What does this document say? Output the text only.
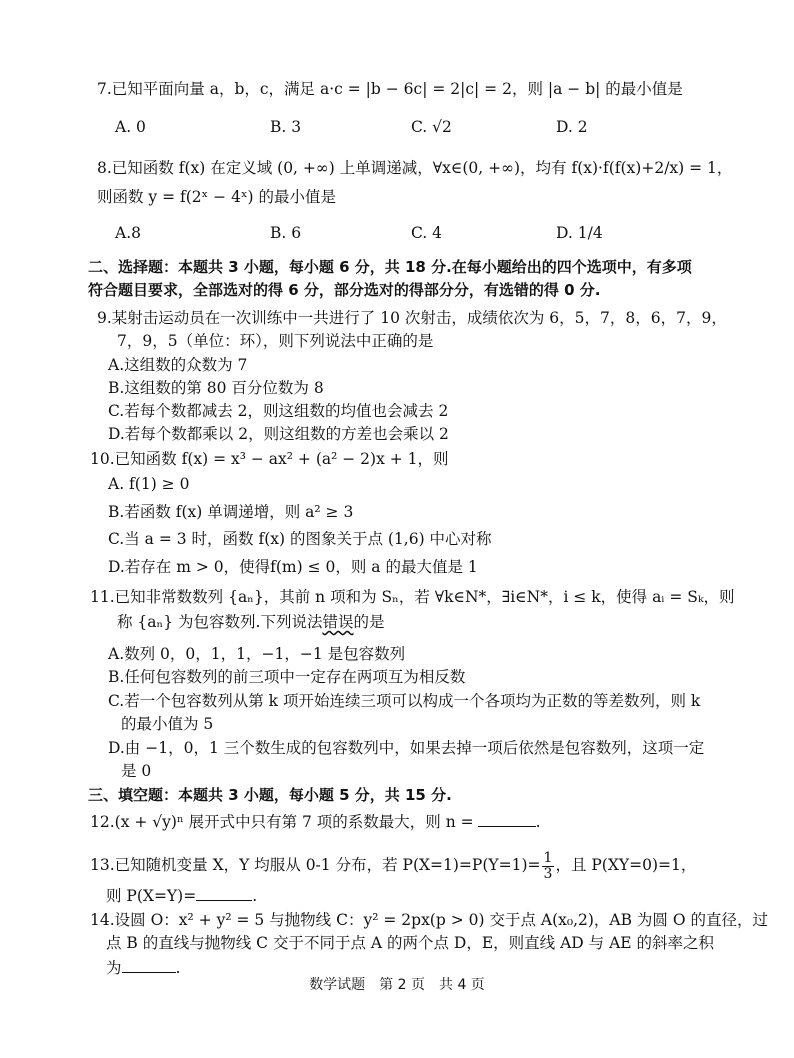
7.已知平面向量 a，b，c，满足 a·c = |b − 6c| = 2|c| = 2，则 |a − b| 的最小值是
A. 0	B. 3	C. √2	D. 2
8.已知函数 f(x) 在定义域 (0, +∞) 上单调递减，∀x∈(0, +∞)，均有 f(x)·f(f(x)+2/x) = 1，
则函数 y = f(2ˣ − 4ˣ) 的最小值是
A.8	B. 6	C. 4	D. 1/4
二、选择题：本题共 3 小题，每小题 6 分，共 18 分.在每小题给出的四个选项中，有多项
符合题目要求，全部选对的得 6 分，部分选对的得部分分，有选错的得 0 分.
9.某射击运动员在一次训练中一共进行了 10 次射击，成绩依次为 6，5，7，8，6，7，9，
7，9，5（单位：环），则下列说法中正确的是
A.这组数的众数为 7
B.这组数的第 80 百分位数为 8
C.若每个数都减去 2，则这组数的均值也会减去 2
D.若每个数都乘以 2，则这组数的方差也会乘以 2
10.已知函数 f(x) = x³ − ax² + (a² − 2)x + 1，则
A. f(1) ≥ 0
B.若函数 f(x) 单调递增，则 a² ≥ 3
C.当 a = 3 时，函数 f(x) 的图象关于点 (1,6) 中心对称
D.若存在 m > 0，使得f(m) ≤ 0，则 a 的最大值是 1
11.已知非常数数列 {aₙ}，其前 n 项和为 Sₙ，若 ∀k∈N*，∃i∈N*，i ≤ k，使得 aᵢ = Sₖ，则
称 {aₙ} 为包容数列.下列说法错误的是
A.数列 0，0，1，1，−1，−1 是包容数列
B.任何包容数列的前三项中一定存在两项互为相反数
C.若一个包容数列从第 k 项开始连续三项可以构成一个各项均为正数的等差数列，则 k
的最小值为 5
D.由 −1，0，1 三个数生成的包容数列中，如果去掉一项后依然是包容数列，这项一定
是 0
三、填空题：本题共 3 小题，每小题 5 分，共 15 分.
12.(x + √y)ⁿ 展开式中只有第 7 项的系数最大，则 n =	.
13.已知随机变量 X，Y 均服从 0-1 分布，若 $P(X=1)=P(Y=1)= \frac{1}{3}$ ，且 P(XY=0)=1，
则 P(X=Y)=	.
14.设圆 O：x² + y² = 5 与抛物线 C：y² = 2px(p > 0) 交于点 A(x₀,2)，AB 为圆 O 的直径，过
点 B 的直线与抛物线 C 交于不同于点 A 的两个点 D，E，则直线 AD 与 AE 的斜率之积
为	.
数学试题　第 2 页　共 4 页
